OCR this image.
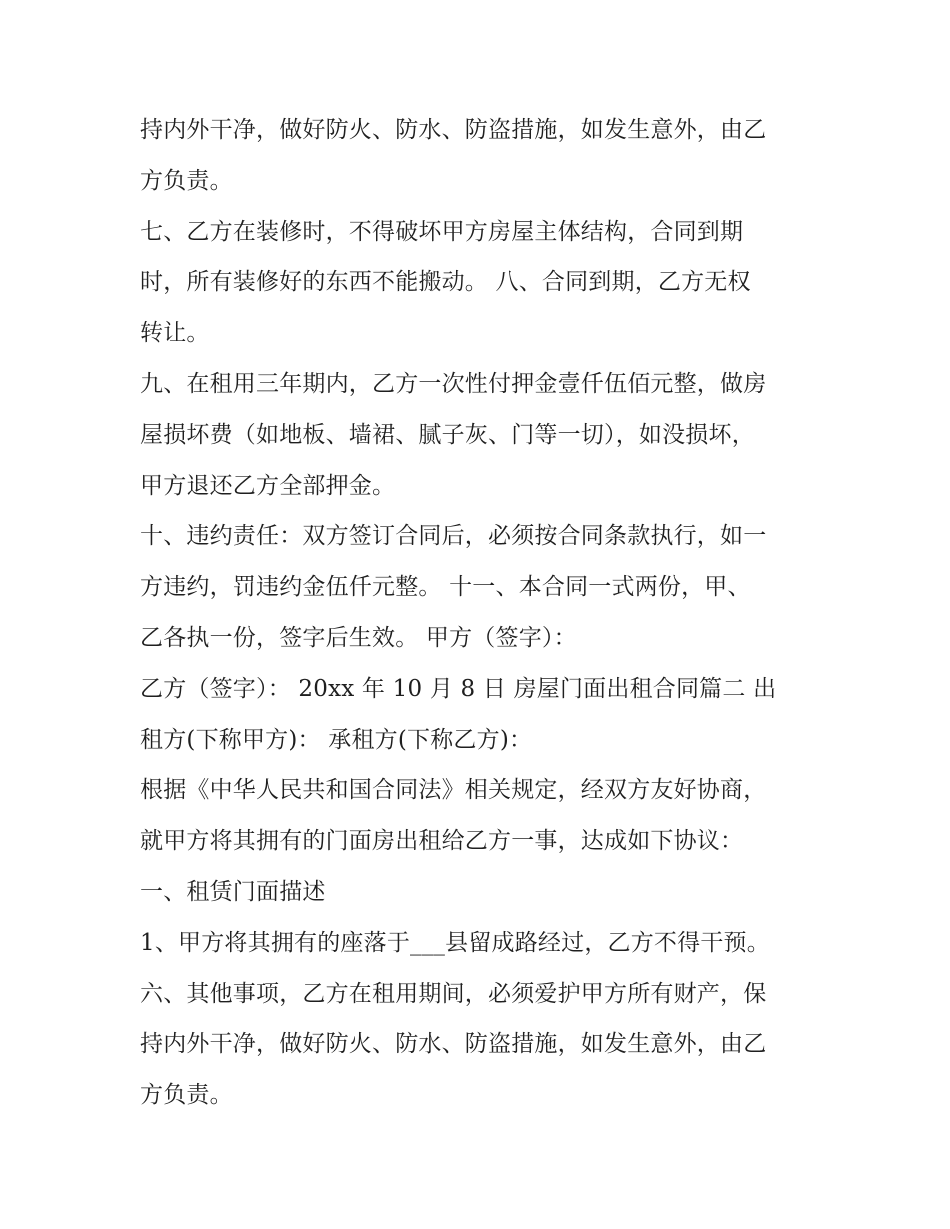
持内外干净，做好防火、防水、防盗措施，如发生意外，由乙
方负责。

七、乙方在装修时，不得破坏甲方房屋主体结构，合同到期
时，所有装修好的东西不能搬动。 八、合同到期，乙方无权
转让。

九、在租用三年期内，乙方一次性付押金壹仟伍佰元整，做房
屋损坏费（如地板、墙裙、腻子灰、门等一切），如没损坏，
甲方退还乙方全部押金。

十、违约责任：双方签订合同后，必须按合同条款执行，如一
方违约，罚违约金伍仟元整。 十一、本合同一式两份，甲、
乙各执一份，签字后生效。 甲方（签字）：

乙方（签字）： 20xx 年 10 月 8 日 房屋门面出租合同篇二 出
租方(下称甲方)： 承租方(下称乙方)：

根据《中华人民共和国合同法》相关规定，经双方友好协商，
就甲方将其拥有的门面房出租给乙方一事，达成如下协议：

一、租赁门面描述

1、甲方将其拥有的座落于___县留成路经过，乙方不得干预。

六、其他事项，乙方在租用期间，必须爱护甲方所有财产，保
持内外干净，做好防火、防水、防盗措施，如发生意外，由乙
方负责。
